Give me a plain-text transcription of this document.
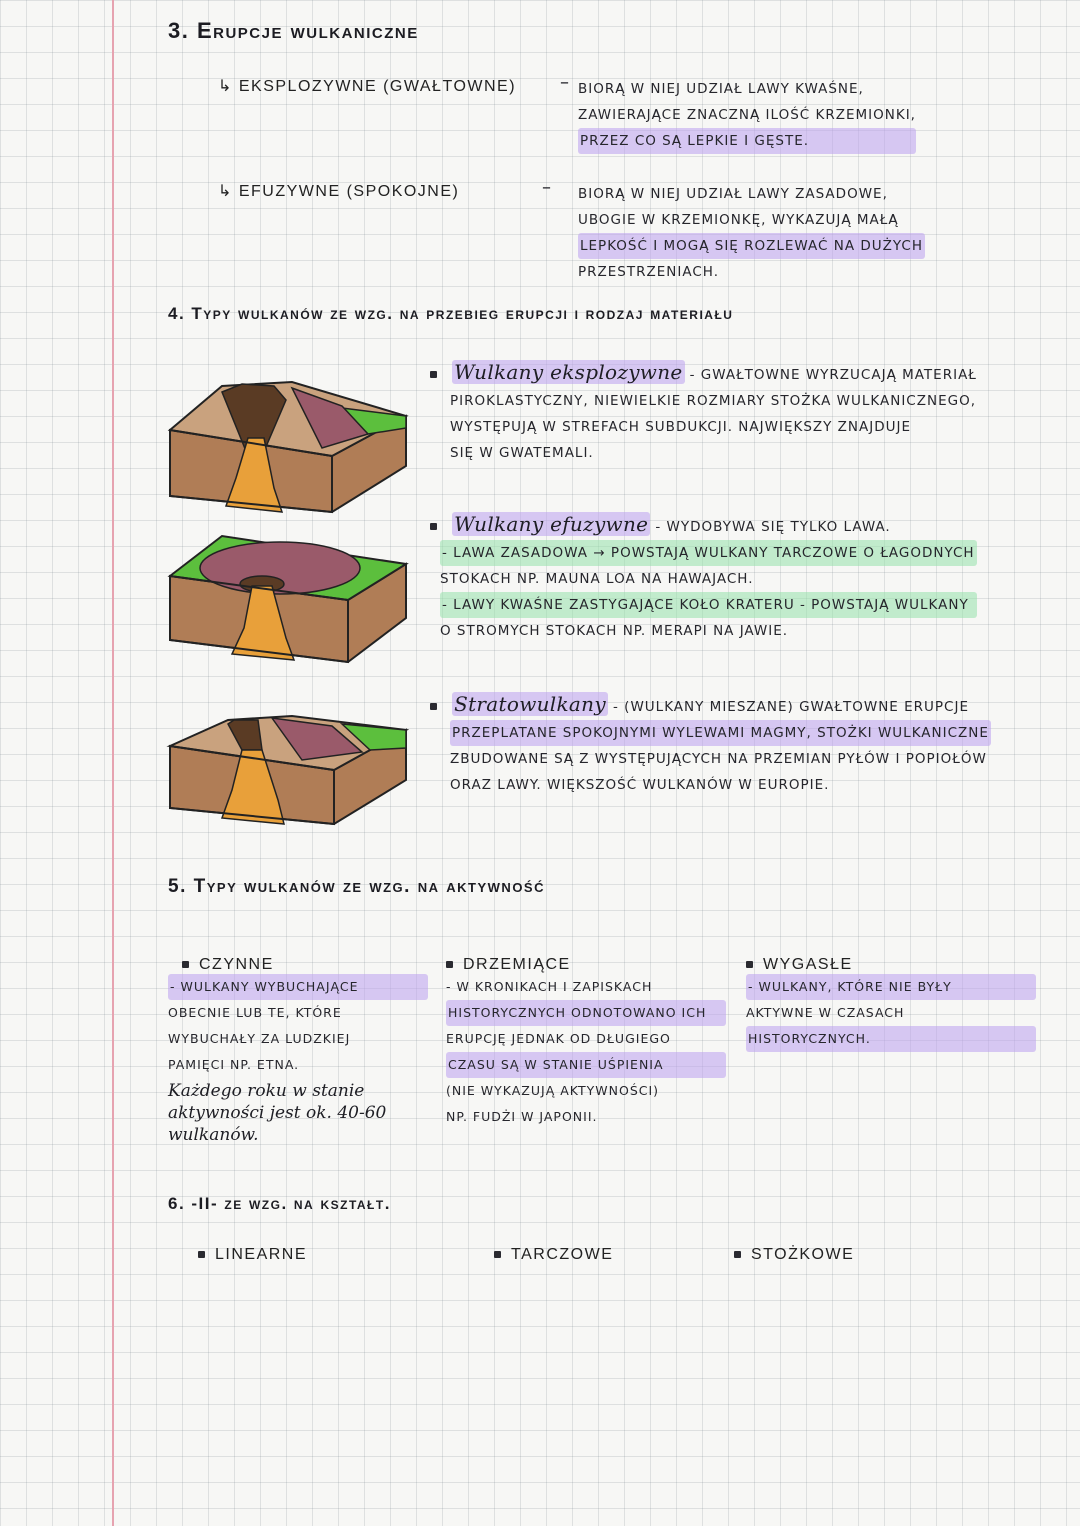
3. Erupcje wulkaniczne
↳ EKSPLOZYWNE (GWAŁTOWNE) – BIORĄ W NIEJ UDZIAŁ LAWY KWAŚNE,
ZAWIERAJĄCE ZNACZNĄ ILOŚĆ KRZEMIONKI,
PRZEZ CO SĄ LEPKIE I GĘSTE.
↳ EFUZYWNE (SPOKOJNE)	– BIORĄ W NIEJ UDZIAŁ LAWY ZASADOWE,
UBOGIE W KRZEMIONKĘ, WYKAZUJĄ MAŁĄ
LEPKOŚĆ I MOGĄ SIĘ ROZLEWAĆ NA DUŻYCH
PRZESTRZENIACH.
4. Typy wulkanów ze wzg. na przebieg erupcji i rodzaj materiału
Wulkany eksplozywne - GWAŁTOWNE WYRZUCAJĄ MATERIAŁ
PIROKLASTYCZNY, NIEWIELKIE ROZMIARY STOŻKA WULKANICZNEGO,
WYSTĘPUJĄ W STREFACH SUBDUKCJI. NAJWIĘKSZY ZNAJDUJE
SIĘ W GWATEMALI.
Wulkany efuzywne - WYDOBYWA SIĘ TYLKO LAWA.
- LAWA ZASADOWA → POWSTAJĄ WULKANY TARCZOWE O ŁAGODNYCH
STOKACH NP. MAUNA LOA NA HAWAJACH.
- LAWY KWAŚNE ZASTYGAJĄCE KOŁO KRATERU - POWSTAJĄ WULKANY
O STROMYCH STOKACH NP. MERAPI NA JAWIE.
Stratowulkany - (WULKANY MIESZANE) GWAŁTOWNE ERUPCJE
PRZEPLATANE SPOKOJNYMI WYLEWAMI MAGMY, STOŻKI WULKANICZNE
ZBUDOWANE SĄ Z WYSTĘPUJĄCYCH NA PRZEMIAN PYŁÓW I POPIOŁÓW
ORAZ LAWY. WIĘKSZOŚĆ WULKANÓW W EUROPIE.
5. Typy wulkanów ze wzg. na aktywność
CZYNNE
- WULKANY WYBUCHAJĄCE
OBECNIE LUB TE, KTÓRE
WYBUCHAŁY ZA LUDZKIEJ
PAMIĘCI NP. ETNA.
Każdego roku w stanie
aktywności jest ok. 40-60
wulkanów.
DRZEMIĄCE
- W KRONIKACH I ZAPISKACH
HISTORYCZNYCH ODNOTOWANO ICH
ERUPCJĘ JEDNAK OD DŁUGIEGO
CZASU SĄ W STANIE UŚPIENIA
(NIE WYKAZUJĄ AKTYWNOŚCI)
NP. FUDŻI W JAPONII.
WYGASŁE
- WULKANY, KTÓRE NIE BYŁY
AKTYWNE W CZASACH
HISTORYCZNYCH.
6. -II- ze wzg. na kształt.
LINEARNE	TARCZOWE	STOŻKOWE
